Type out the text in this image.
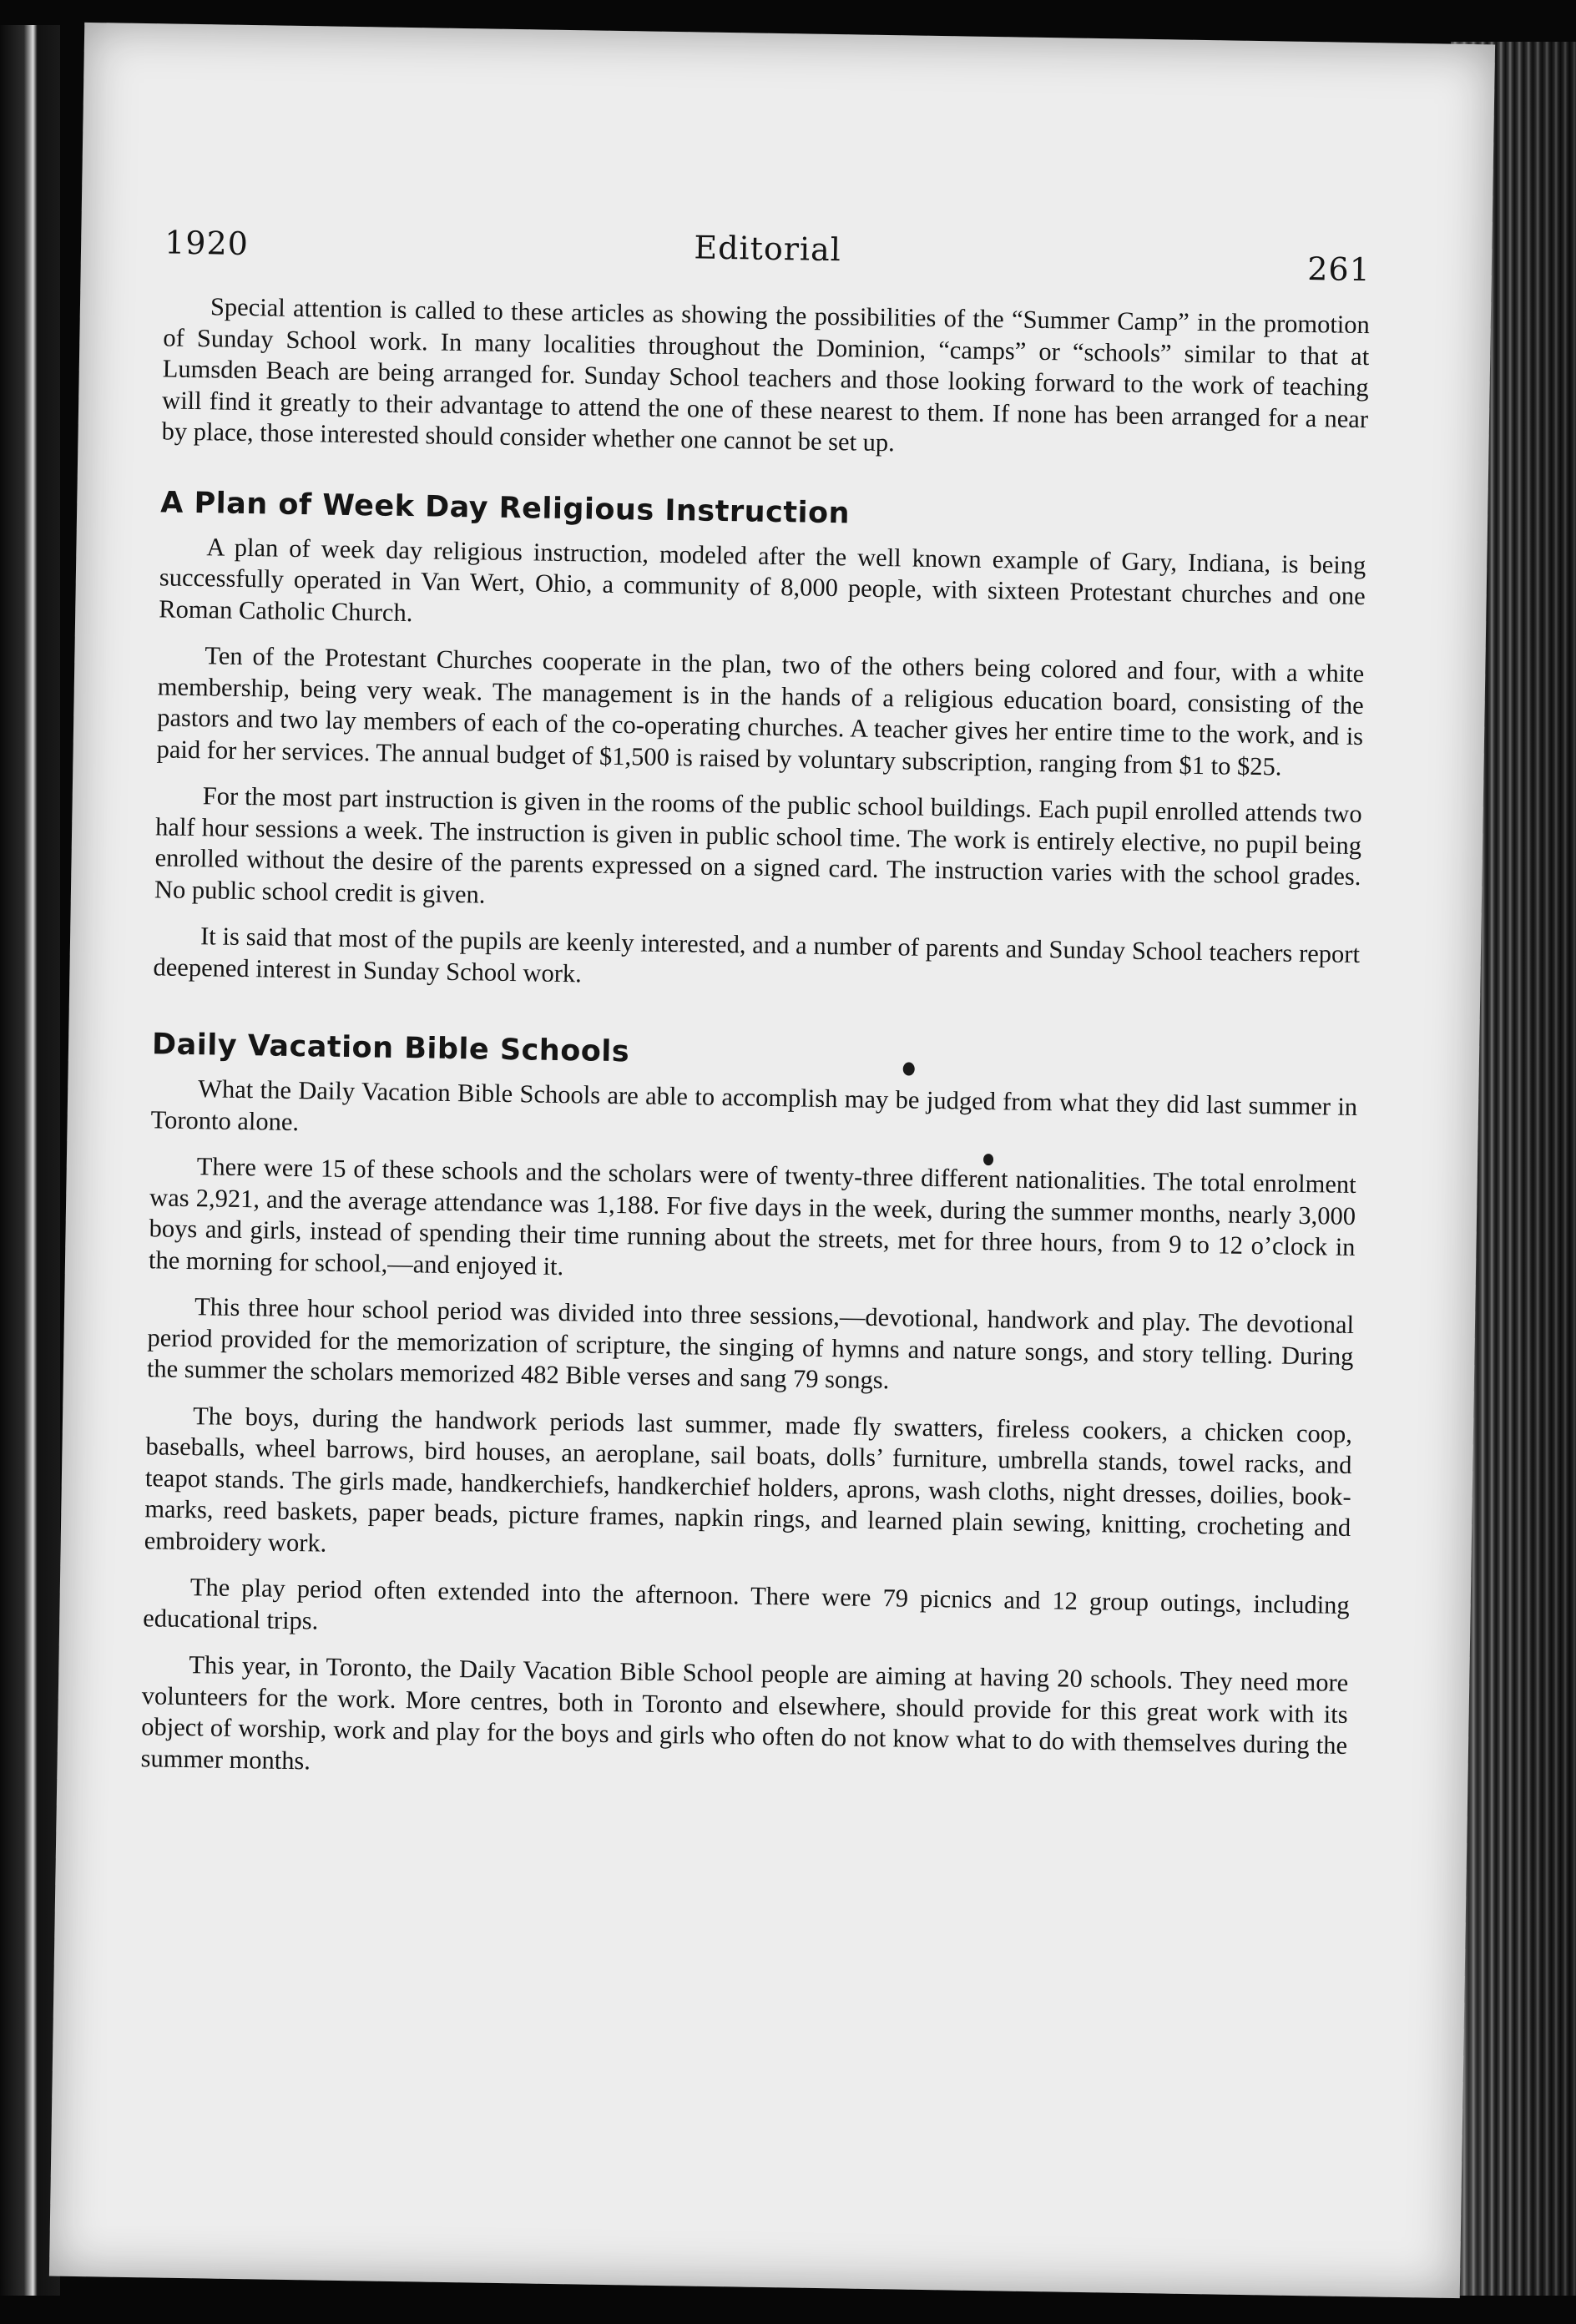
1920	Editorial
261

Special attention is called to these articles as showing the possibilities of the “Summer Camp” in the promotion of Sunday School work. In many localities throughout the Dominion, “camps” or “schools” similar to that at Lumsden Beach are being arranged for. Sunday School teachers and those looking forward to the work of teaching will find it greatly to their advantage to attend the one of these nearest to them. If none has been arranged for a near by place, those interested should consider whether one cannot be set up.

A Plan of Week Day Religious Instruction

A plan of week day religious instruction, modeled after the well known example of Gary, Indiana, is being successfully operated in Van Wert, Ohio, a community of 8,000 people, with sixteen Protestant churches and one Roman Catholic Church.

Ten of the Protestant Churches cooperate in the plan, two of the others being colored and four, with a white membership, being very weak. The management is in the hands of a religious education board, consisting of the pastors and two lay members of each of the co-operating churches. A teacher gives her entire time to the work, and is paid for her services. The annual budget of $1,500 is raised by voluntary subscription, ranging from $1 to $25.

For the most part instruction is given in the rooms of the public school buildings. Each pupil enrolled attends two half hour sessions a week. The instruction is given in public school time. The work is entirely elective, no pupil being enrolled without the desire of the parents expressed on a signed card. The instruction varies with the school grades. No public school credit is given.

It is said that most of the pupils are keenly interested, and a number of parents and Sunday School teachers report deepened interest in Sunday School work.

Daily Vacation Bible Schools

What the Daily Vacation Bible Schools are able to accomplish may be judged from what they did last summer in Toronto alone.

There were 15 of these schools and the scholars were of twenty-three different nationalities. The total enrolment was 2,921, and the average attendance was 1,188. For five days in the week, during the summer months, nearly 3,000 boys and girls, instead of spending their time running about the streets, met for three hours, from 9 to 12 o’clock in the morning for school,—and enjoyed it.

This three hour school period was divided into three sessions,—devotional, handwork and play. The devotional period provided for the memorization of scripture, the singing of hymns and nature songs, and story telling. During the summer the scholars memorized 482 Bible verses and sang 79 songs.

The boys, during the handwork periods last summer, made fly swatters, fireless cookers, a chicken coop, baseballs, wheel barrows, bird houses, an aeroplane, sail boats, dolls’ furniture, umbrella stands, towel racks, and teapot stands. The girls made, handkerchiefs, handkerchief holders, aprons, wash cloths, night dresses, doilies, book-marks, reed baskets, paper beads, picture frames, napkin rings, and learned plain sewing, knitting, crocheting and embroidery work.

The play period often extended into the afternoon. There were 79 picnics and 12 group outings, including educational trips.

This year, in Toronto, the Daily Vacation Bible School people are aiming at having 20 schools. They need more volunteers for the work. More centres, both in Toronto and elsewhere, should provide for this great work with its object of worship, work and play for the boys and girls who often do not know what to do with themselves during the summer months.
